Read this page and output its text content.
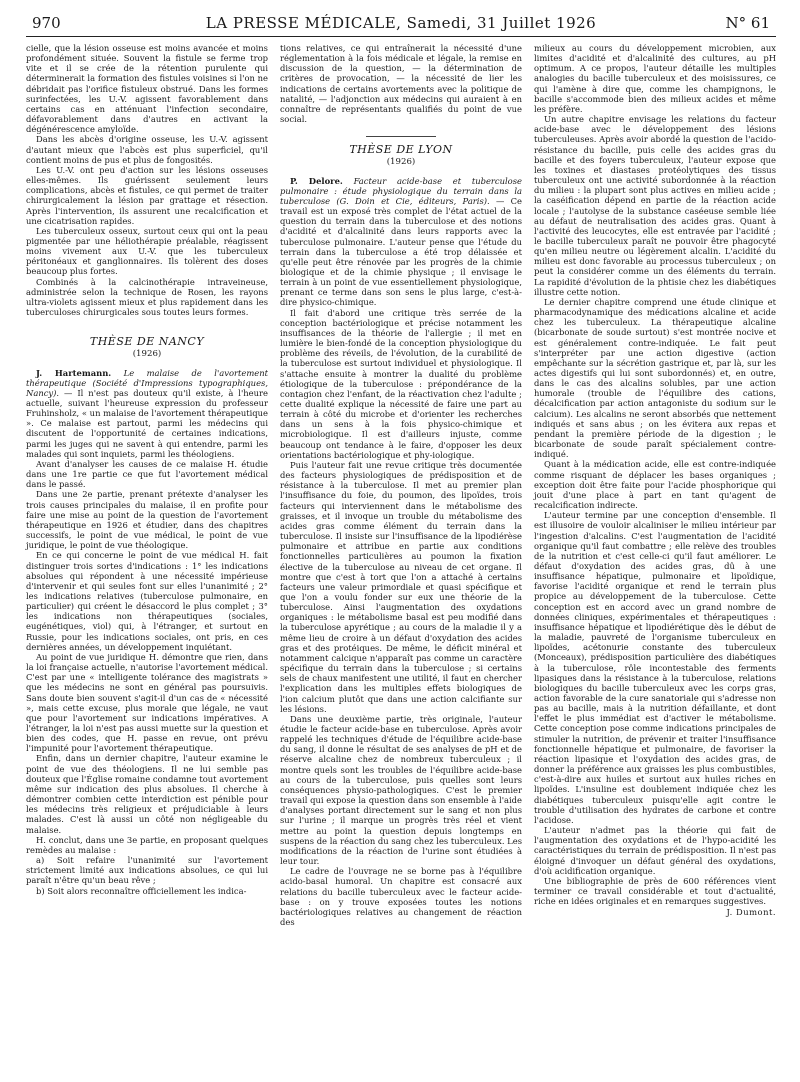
970	LA PRESSE MÉDICALE, Samedi, 31 Juillet 1926	N° 61

cielle, que la lésion osseuse est moins avancée et moins profondément située. Souvent la fistule se ferme trop vite et il se crée de la rétention purulente qui déterminerait la formation des fistules voisines si l'on ne débridait pas l'orifice fistuleux obstrué. Dans les formes surinfectées, les U.-V. agissent favorablement dans certains cas en atténuant l'infection secondaire, défavorablement dans d'autres en activant la dégénérescence amyloïde.

Dans les abcès d'origine osseuse, les U.-V. agissent d'autant mieux que l'abcès est plus superficiel, qu'il contient moins de pus et plus de fongosités.

Les U.-V. ont peu d'action sur les lésions osseuses elles-mêmes. Ils guérissent seulement leurs complications, abcès et fistules, ce qui permet de traiter chirurgicalement la lésion par grattage et résection. Après l'intervention, ils assurent une recalcification et une cicatrisation rapides.

Les tuberculeux osseux, surtout ceux qui ont la peau pigmentée par une héliothérapie préalable, réagissent moins vivement aux U.-V. que les tuberculeux péritonéaux et ganglionnaires. Ils tolèrent des doses beaucoup plus fortes.

Combinés à la calcinothérapie intraveineuse, administrée selon la technique de Rosen, les rayons ultra-violets agissent mieux et plus rapidement dans les tuberculoses chirurgicales sous toutes leurs formes.

THÈSE DE NANCY
(1926)

J. Hartemann. Le malaise de l'avortement thérapeutique (Société d'Impressions typographiques, Nancy). — Il n'est pas douteux qu'il existe, à l'heure actuelle, suivant l'heureuse expression du professeur Fruhinsholz, « un malaise de l'avortement thérapeutique ». Ce malaise est partout, parmi les médecins qui discutent de l'opportunité de certaines indications, parmi les juges qui ne savent à qui entendre, parmi les malades qui sont inquiets, parmi les théologiens.

Avant d'analyser les causes de ce malaise H. étudie dans une 1re partie ce que fut l'avortement médical dans le passé.

Dans une 2e partie, prenant prétexte d'analyser les trois causes principales du malaise, il en profite pour faire une mise au point de la question de l'avortement thérapeutique en 1926 et étudier, dans des chapitres successifs, le point de vue médical, le point de vue juridique, le point de vue théologique.

En ce qui concerne le point de vue médical H. fait distinguer trois sortes d'indications : 1° les indications absolues qui répondent à une nécessité impérieuse d'intervenir et qui seules font sur elles l'unanimité ; 2° les indications relatives (tuberculose pulmonaire, en particulier) qui créent le désaccord le plus complet ; 3° les indications non thérapeutiques (sociales, eugénétiques, viol) qui, à l'étranger, et surtout en Russie, pour les indications sociales, ont pris, en ces dernières années, un développement inquiétant.

Au point de vue juridique H. démontre que rien, dans la loi française actuelle, n'autorise l'avortement médical. C'est par une « intelligente tolérance des magistrats » que les médecins ne sont en général pas poursuivis. Sans doute bien souvent s'agit-il d'un cas de « nécessité », mais cette excuse, plus morale que légale, ne vaut que pour l'avortement sur indications impératives. A l'étranger, la loi n'est pas aussi muette sur la question et bien des codes, que H. passe en revue, ont prévu l'impunité pour l'avortement thérapeutique.

Enfin, dans un dernier chapitre, l'auteur examine le point de vue des théologiens. Il ne lui semble pas douteux que l'Église romaine condamne tout avortement même sur indication des plus absolues. Il cherche à démontrer combien cette interdiction est pénible pour les médecins très religieux et préjudiciable à leurs malades. C'est là aussi un côté non négligeable du malaise.

H. conclut, dans une 3e partie, en proposant quelques remèdes au malaise :

a) Soit refaire l'unanimité sur l'avortement strictement limité aux indications absolues, ce qui lui paraît n'être qu'un beau rêve ;

b) Soit alors reconnaître officiellement les indica-

tions relatives, ce qui entraînerait la nécessité d'une réglementation à la fois médicale et légale, la remise en discussion de la question, — la détermination de critères de provocation, — la nécessité de lier les indications de certains avortements avec la politique de natalité, — l'adjonction aux médecins qui auraient à en connaître de représentants qualifiés du point de vue social.

THÈSE DE LYON
(1926)

P. Delore. Facteur acide-base et tuberculose pulmonaire : étude physiologique du terrain dans la tuberculose (G. Doin et Cie, éditeurs, Paris). — Ce travail est un exposé très complet de l'état actuel de la question du terrain dans la tuberculose et des notions d'acidité et d'alcalinité dans leurs rapports avec la tuberculose pulmonaire. L'auteur pense que l'étude du terrain dans la tuberculose a été trop délaissée et qu'elle peut être rénovée par les progrès de la chimie biologique et de la chimie physique ; il envisage le terrain à un point de vue essentiellement physiologique, prenant ce terme dans son sens le plus large, c'est-à-dire physico-chimique.

Il fait d'abord une critique très serrée de la conception bactériologique et précise notamment les insuffisances de la théorie de l'allergie ; il met en lumière le bien-fondé de la conception physiologique du problème des réveils, de l'évolution, de la curabilité de la tuberculose est surtout individuel et physiologique. Il s'attache ensuite à montrer la dualité du problème étiologique de la tuberculose : prépondérance de la contagion chez l'enfant, de la réactivation chez l'adulte ; cette dualité explique la nécessité de faire une part au terrain à côté du microbe et d'orienter les recherches dans un sens à la fois physico-chimique et microbiologique. Il est d'ailleurs injuste, comme beaucoup ont tendance à le faire, d'opposer les deux orientations bactériologique et phy-iologique.

Puis l'auteur fait une revue critique très documentée des facteurs physiologiques de prédisposition et de résistance à la tuberculose. Il met au premier plan l'insuffisance du foie, du poumon, des lipoïdes, trois facteurs qui interviennent dans le métabolisme des graisses, et il invoque un trouble du métabolisme des acides gras comme élément du terrain dans la tuberculose. Il insiste sur l'insuffisance de la lipodiérèse pulmonaire et attribue en partie aux conditions fonctionnelles particulières au poumon la fixation élective de la tuberculose au niveau de cet organe. Il montre que c'est à tort que l'on a attaché à certains facteurs une valeur primordiale et quasi spécifique et que l'on a voulu fonder sur eux une théorie de la tuberculose. Ainsi l'augmentation des oxydations organiques : le métabolisme basal est peu modifié dans la tuberculose apyrétique ; au cours de la maladie il y a même lieu de croire à un défaut d'oxydation des acides gras et des protéiques. De même, le déficit minéral et notamment calcique n'apparaît pas comme un caractère spécifique du terrain dans la tuberculose ; si certains sels de chaux manifestent une utilité, il faut en chercher l'explication dans les multiples effets biologiques de l'ion calcium plutôt que dans une action calcifiante sur les lésions.

Dans une deuxième partie, très originale, l'auteur étudie le facteur acide-base en tuberculose. Après avoir rappelé les techniques d'étude de l'équilibre acide-base du sang, il donne le résultat de ses analyses de pH et de réserve alcaline chez de nombreux tuberculeux ; il montre quels sont les troubles de l'équilibre acide-base au cours de la tuberculose, puis quelles sont leurs conséquences physio-pathologiques. C'est le premier travail qui expose la question dans son ensemble à l'aide d'analyses portant directement sur le sang et non plus sur l'urine ; il marque un progrès très réel et vient mettre au point la question depuis longtemps en suspens de la réaction du sang chez les tuberculeux. Les modifications de la réaction de l'urine sont étudiées à leur tour.

Le cadre de l'ouvrage ne se borne pas à l'équilibre acido-basal humoral. Un chapitre est consacré aux relations du bacille tuberculeux avec le facteur acide-base : on y trouve exposées toutes les notions bactériologiques relatives au changement de réaction des

milieux au cours du développement microbien, aux limites d'acidité et d'alcalinité des cultures, au pH optimum. A ce propos, l'auteur détaille les multiples analogies du bacille tuberculeux et des moisissures, ce qui l'amène à dire que, comme les champignons, le bacille s'accommode bien des milieux acides et même les préfère.

Un autre chapitre envisage les relations du facteur acide-base avec le développement des lésions tuberculeuses. Après avoir abordé la question de l'acido-résistance du bacille, puis celle des acides gras du bacille et des foyers tuberculeux, l'auteur expose que les toxines et diastases protéolytiques des tissus tuberculeux ont une activité subordonnée à la réaction du milieu : la plupart sont plus actives en milieu acide ; la caséification dépend en partie de la réaction acide locale ; l'autolyse de la substance caséeuse semble liée au défaut de neutralisation des acides gras. Quant à l'activité des leucocytes, elle est entravée par l'acidité ; le bacille tuberculeux paraît ne pouvoir être phagocyté qu'en milieu neutre ou légèrement alcalin. L'acidité du milieu est donc favorable au processus tuberculeux ; on peut la considérer comme un des éléments du terrain. La rapidité d'évolution de la phtisie chez les diabétiques illustre cette notion.

Le dernier chapitre comprend une étude clinique et pharmacodynamique des médications alcaline et acide chez les tuberculeux. La thérapeutique alcaline (bicarbonate de soude surtout) s'est montrée nocive et est généralement contre-indiquée. Le fait peut s'interpréter par une action digestive (action empêchante sur la sécrétion gastrique et, par là, sur les actes digestifs qui lui sont subordonnés) et, en outre, dans le cas des alcalins solubles, par une action humorale (trouble de l'équilibre des cations, décalcification par action antagoniste du sodium sur le calcium). Les alcalins ne seront absorbés que nettement indiqués et sans abus ; on les évitera aux repas et pendant la première période de la digestion ; le bicarbonate de soude paraît spécialement contre-indiqué.

Quant à la médication acide, elle est contre-indiquée comme risquant de déplacer les bases organiques ; exception doit être faite pour l'acide phosphorique qui jouit d'une place à part en tant qu'agent de recalcification indirecte.

L'auteur termine par une conception d'ensemble. Il est illusoire de vouloir alcaliniser le milieu intérieur par l'ingestion d'alcalins. C'est l'augmentation de l'acidité organique qu'il faut combattre ; elle relève des troubles de la nutrition et c'est celle-ci qu'il faut améliorer. Le défaut d'oxydation des acides gras, dû à une insuffisance hépatique, pulmonaire et lipoïdique, favorise l'acidité organique et rend le terrain plus propice au développement de la tuberculose. Cette conception est en accord avec un grand nombre de données cliniques, expérimentales et thérapeutiques : insuffisance hépatique et lipodiérétique dès le début de la maladie, pauvreté de l'organisme tuberculeux en lipoïdes, acétonurie constante des tuberculeux (Monceaux), prédisposition particulière des diabétiques à la tuberculose, rôle incontestable des ferments lipasiques dans la résistance à la tuberculose, relations biologiques du bacille tuberculeux avec les corps gras, action favorable de la cure sanatoriale qui s'adresse non pas au bacille, mais à la nutrition défaillante, et dont l'effet le plus immédiat est d'activer le métabolisme. Cette conception pose comme indications principales de stimuler la nutrition, de prévenir et traiter l'insuffisance fonctionnelle hépatique et pulmonaire, de favoriser la réaction lipasique et l'oxydation des acides gras, de donner la préférence aux graisses les plus combustibles, c'est-à-dire aux huiles et surtout aux huiles riches en lipoïdes. L'insuline est doublement indiquée chez les diabétiques tuberculeux puisqu'elle agit contre le trouble d'utilisation des hydrates de carbone et contre l'acidose.

L'auteur n'admet pas la théorie qui fait de l'augmentation des oxydations et de l'hypo-acidité les caractéristiques du terrain de prédisposition. Il n'est pas éloigné d'invoquer un défaut général des oxydations, d'où acidification organique.

Une bibliographie de près de 600 références vient terminer ce travail considérable et tout d'actualité, riche en idées originales et en remarques suggestives.

J. Dumont.
